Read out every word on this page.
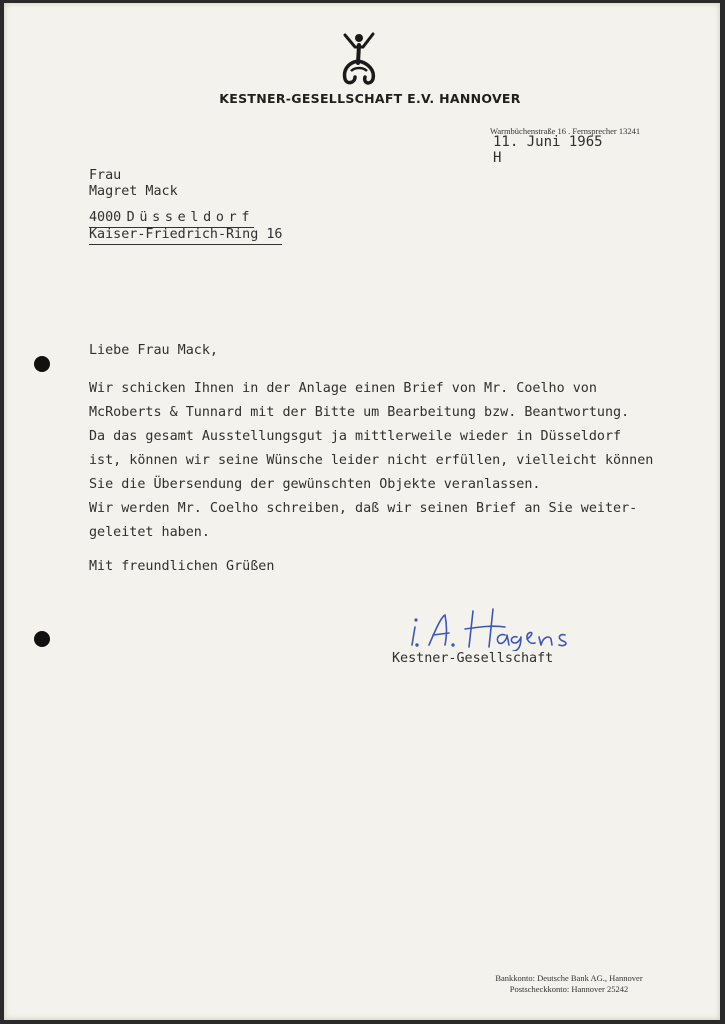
KESTNER-GESELLSCHAFT E.V. HANNOVER
Warmbüchenstraße 16 . Fernsprecher 13241
11. Juni 1965
H
Frau
Magret Mack
4000 Düsseldorf
Kaiser-Friedrich-Ring 16
Liebe Frau Mack,
Wir schicken Ihnen in der Anlage einen Brief von Mr. Coelho von
McRoberts & Tunnard mit der Bitte um Bearbeitung bzw. Beantwortung.
Da das gesamt Ausstellungsgut ja mittlerweile wieder in Düsseldorf
ist, können wir seine Wünsche leider nicht erfüllen, vielleicht können
Sie die Übersendung der gewünschten Objekte veranlassen.
Wir werden Mr. Coelho schreiben, daß wir seinen Brief an Sie weiter-
geleitet haben.
Mit freundlichen Grüßen
Kestner-Gesellschaft
Bankkonto: Deutsche Bank AG., Hannover
Postscheckkonto: Hannover 25242
